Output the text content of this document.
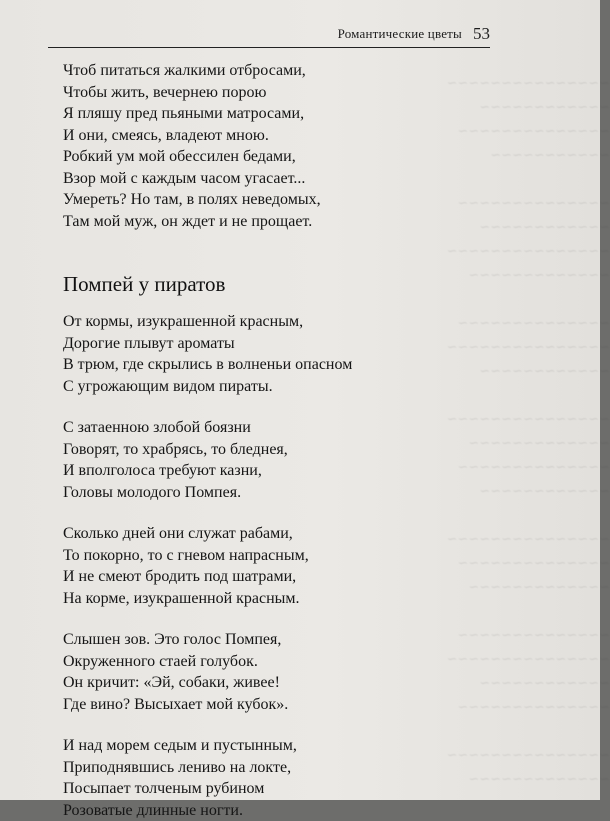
~~~~~~~~~~~~~~~
~~~~~~~~~~~~
~~~~~~~~~~~~~~
~~~~~~~~~~~

~~~~~~~~~~~~~~
~~~~~~~~~~~~
~~~~~~~~~~~~~~~
~~~~~~~~~~~~~

~~~~~~~~~~~~~~
~~~~~~~~~~~~~~~
~~~~~~~~~~~~

~~~~~~~~~~~~~~~
~~~~~~~~~~~~~
~~~~~~~~~~~~~~
~~~~~~~~~~~~

~~~~~~~~~~~~~~~
~~~~~~~~~~~~~~
~~~~~~~~~~~~~

~~~~~~~~~~~~~~
~~~~~~~~~~~~~~~
~~~~~~~~~~~~
~~~~~~~~~~~~~~

~~~~~~~~~~~~~~~
~~~~~~~~~~~~~
Романтические цветы 53
Чтоб питаться жалкими отбросами,
Чтобы жить, вечернею порою
Я пляшу пред пьяными матросами,
И они, смеясь, владеют мною.
Робкий ум мой обессилен бедами,
Взор мой с каждым часом угасает...
Умереть? Но там, в полях неведомых,
Там мой муж, он ждет и не прощает.
Помпей у пиратов
От кормы, изукрашенной красным,
Дорогие плывут ароматы
В трюм, где скрылись в волненьи опасном
С угрожающим видом пираты.
С затаенною злобой боязни
Говорят, то храбрясь, то бледнея,
И вполголоса требуют казни,
Головы молодого Помпея.
Сколько дней они служат рабами,
То покорно, то с гневом напрасным,
И не смеют бродить под шатрами,
На корме, изукрашенной красным.
Слышен зов. Это голос Помпея,
Окруженного стаей голубок.
Он кричит: «Эй, собаки, живее!
Где вино? Высыхает мой кубок».
И над морем седым и пустынным,
Приподнявшись лениво на локте,
Посыпает толченым рубином
Розоватые длинные ногти.
